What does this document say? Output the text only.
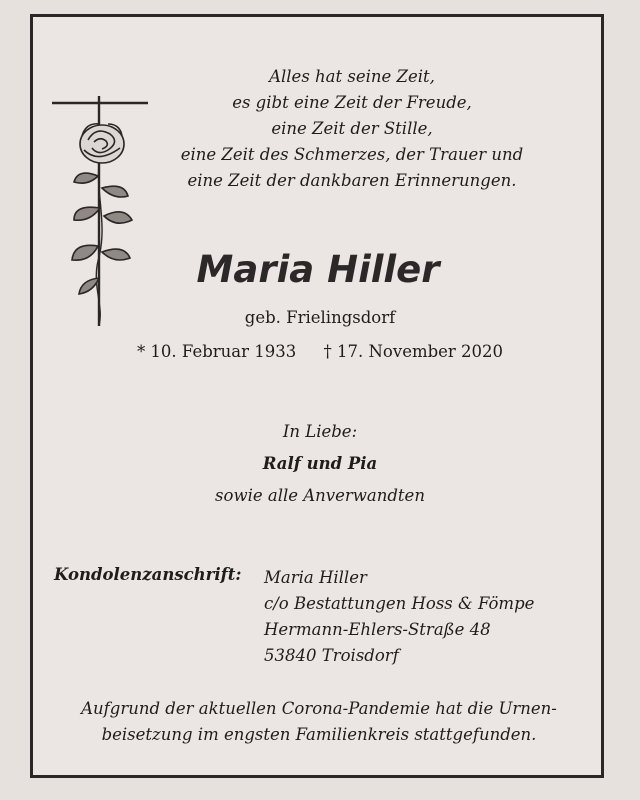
Alles hat seine Zeit,
es gibt eine Zeit der Freude,
eine Zeit der Stille,
eine Zeit des Schmerzes, der Trauer und
eine Zeit der dankbaren Erinnerungen.
Maria Hiller
geb. Frielingsdorf
* 10. Februar 1933 † 17. November 2020
In Liebe:
Ralf und Pia
sowie alle Anverwandten
Kondolenzanschrift: Maria Hiller
c/o Bestattungen Hoss & Fömpe
Hermann-Ehlers-Straße 48
53840 Troisdorf
Aufgrund der aktuellen Corona-Pandemie hat die Urnen-
beisetzung im engsten Familienkreis stattgefunden.
